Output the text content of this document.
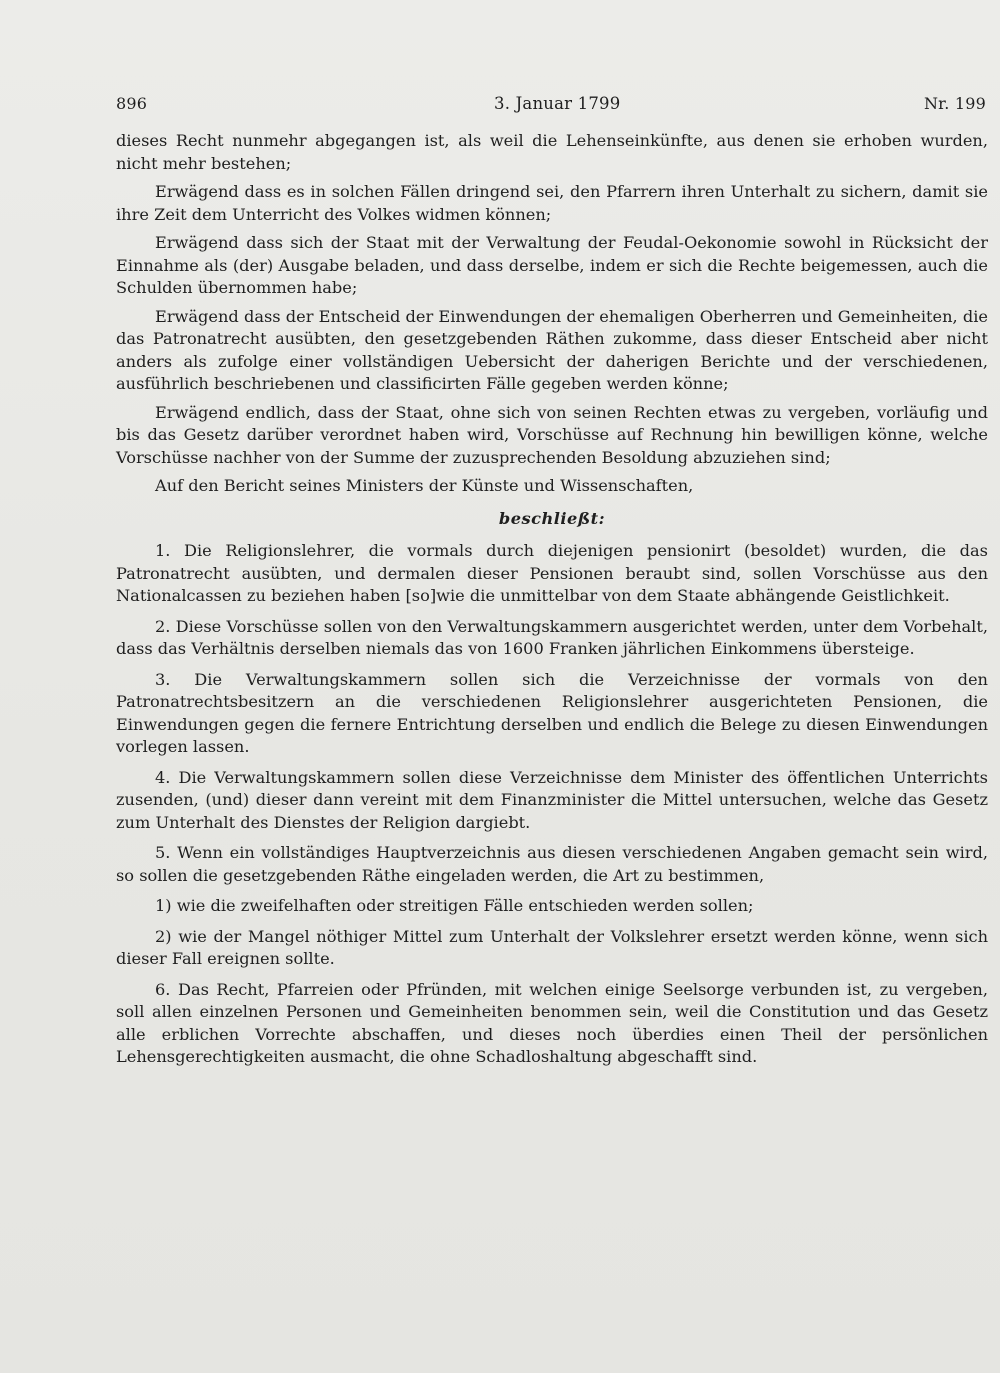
896	3. Januar 1799	Nr. 199

dieses Recht nunmehr abgegangen ist, als weil die Lehenseinkünfte, aus denen sie erhoben wurden, nicht mehr bestehen;

Erwägend dass es in solchen Fällen dringend sei, den Pfarrern ihren Unterhalt zu sichern, damit sie ihre Zeit dem Unterricht des Volkes widmen können;

Erwägend dass sich der Staat mit der Verwaltung der Feudal-Oekonomie sowohl in Rücksicht der Einnahme als (der) Ausgabe beladen, und dass derselbe, indem er sich die Rechte beigemessen, auch die Schulden übernommen habe;

Erwägend dass der Entscheid der Einwendungen der ehemaligen Oberherren und Gemeinheiten, die das Patronatrecht ausübten, den gesetzgebenden Räthen zukomme, dass dieser Entscheid aber nicht anders als zufolge einer vollständigen Uebersicht der daherigen Berichte und der verschiedenen, ausführlich beschriebenen und classificirten Fälle gegeben werden könne;

Erwägend endlich, dass der Staat, ohne sich von seinen Rechten etwas zu vergeben, vorläufig und bis das Gesetz darüber verordnet haben wird, Vorschüsse auf Rechnung hin bewilligen könne, welche Vorschüsse nachher von der Summe der zuzusprechenden Besoldung abzuziehen sind;

Auf den Bericht seines Ministers der Künste und Wissenschaften,

beschließt:

1. Die Religionslehrer, die vormals durch diejenigen pensionirt (besoldet) wurden, die das Patronatrecht ausübten, und dermalen dieser Pensionen beraubt sind, sollen Vorschüsse aus den Nationalcassen zu beziehen haben [so]wie die unmittelbar von dem Staate abhängende Geistlichkeit.

2. Diese Vorschüsse sollen von den Verwaltungskammern ausgerichtet werden, unter dem Vorbehalt, dass das Verhältnis derselben niemals das von 1600 Franken jährlichen Einkommens übersteige.

3. Die Verwaltungskammern sollen sich die Verzeichnisse der vormals von den Patronatrechtsbesitzern an die verschiedenen Religionslehrer ausgerichteten Pensionen, die Einwendungen gegen die fernere Entrichtung derselben und endlich die Belege zu diesen Einwendungen vorlegen lassen.

4. Die Verwaltungskammern sollen diese Verzeichnisse dem Minister des öffentlichen Unterrichts zusenden, (und) dieser dann vereint mit dem Finanzminister die Mittel untersuchen, welche das Gesetz zum Unterhalt des Dienstes der Religion dargiebt.

5. Wenn ein vollständiges Hauptverzeichnis aus diesen verschiedenen Angaben gemacht sein wird, so sollen die gesetzgebenden Räthe eingeladen werden, die Art zu bestimmen,

1) wie die zweifelhaften oder streitigen Fälle entschieden werden sollen;

2) wie der Mangel nöthiger Mittel zum Unterhalt der Volkslehrer ersetzt werden könne, wenn sich dieser Fall ereignen sollte.

6. Das Recht, Pfarreien oder Pfründen, mit welchen einige Seelsorge verbunden ist, zu vergeben, soll allen einzelnen Personen und Gemeinheiten benommen sein, weil die Constitution und das Gesetz alle erblichen Vorrechte abschaffen, und dieses noch überdies einen Theil der persönlichen Lehensgerechtigkeiten ausmacht, die ohne Schadloshaltung abgeschafft sind.
